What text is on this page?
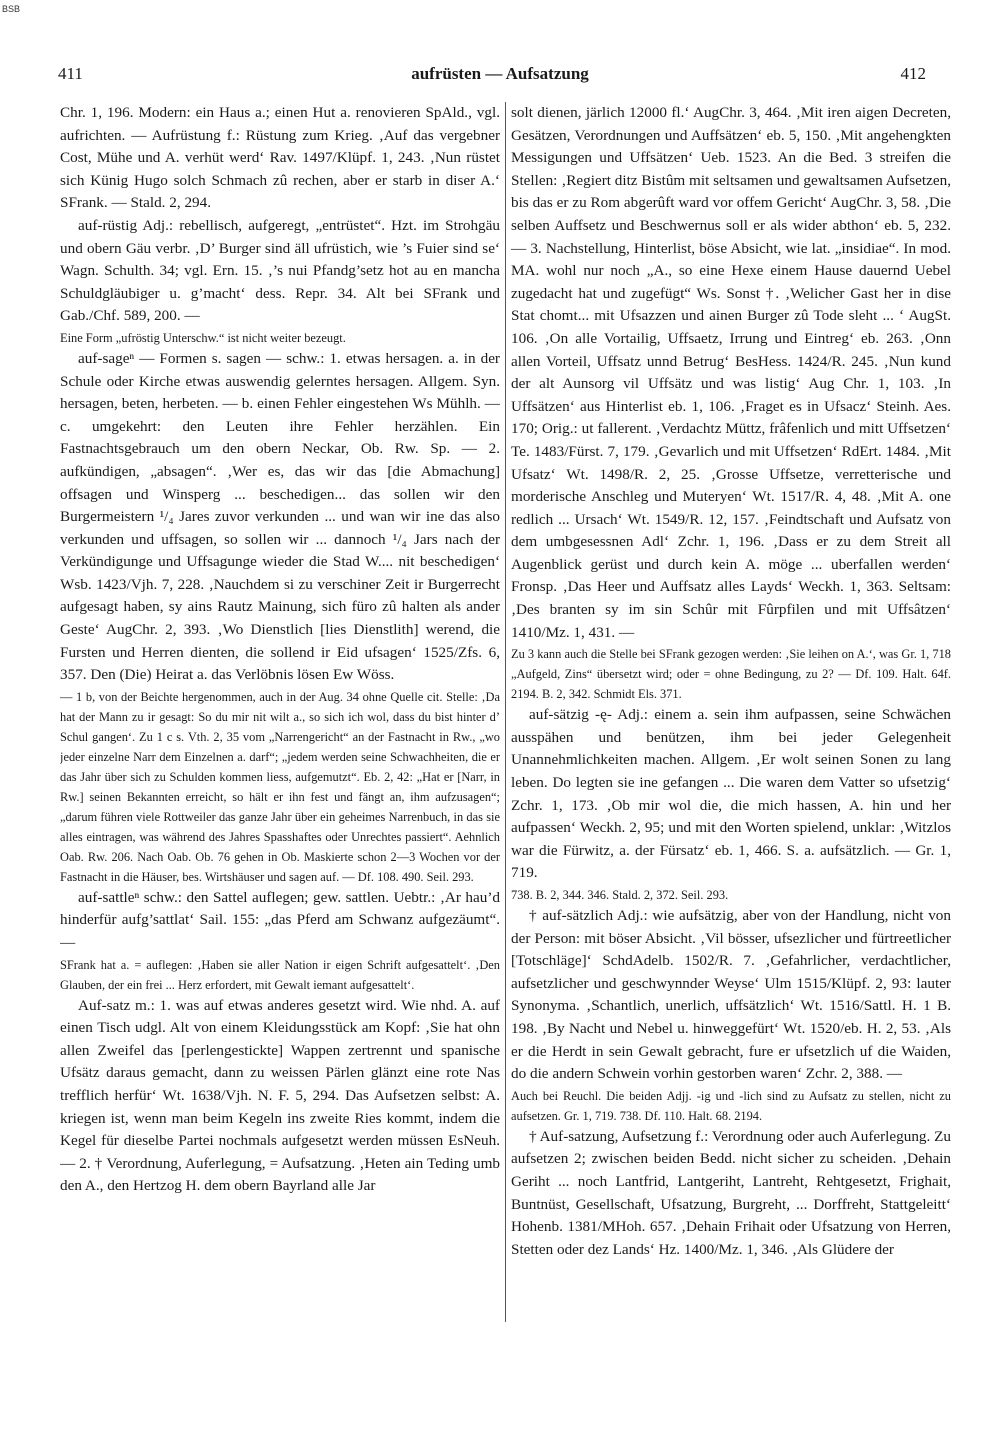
BSB
411	aufrüsten — Aufsatzung	412

Chr. 1, 196. Modern: ein Haus a.; einen Hut a. renovieren SpAld., vgl. aufrichten. — Aufrüstung f.: Rüstung zum Krieg. ‚Auf das vergebner Cost, Mühe und A. verhüt werd‘ Rav. 1497/Klüpf. 1, 243. ‚Nun rüstet sich Künig Hugo solch Schmach zû rechen, aber er starb in diser A.‘ SFrank. — Stald. 2, 294.

auf-rüstig Adj.: rebellisch, aufgeregt, „entrüstet“. Hzt. im Strohgäu und obern Gäu verbr. ‚D’ Burger sind äll ufrüstich, wie ’s Fuier sind se‘ Wagn. Schulth. 34; vgl. Ern. 15. ‚’s nui Pfandg’setz hot au en mancha Schuldgläubiger u. g’macht‘ dess. Repr. 34. Alt bei SFrank und Gab./Chf. 589, 200. —

Eine Form „ufröstig Unterschw.“ ist nicht weiter bezeugt.

auf-sageⁿ — Formen s. sagen — schw.: 1. etwas hersagen. a. in der Schule oder Kirche etwas auswendig gelerntes hersagen. Allgem. Syn. hersagen, beten, herbeten. — b. einen Fehler eingestehen Ws Mühlh. — c. umgekehrt: den Leuten ihre Fehler herzählen. Ein Fastnachtsgebrauch um den obern Neckar, Ob. Rw. Sp. — 2. aufkündigen, „absagen“. ‚Wer es, das wir das [die Abmachung] offsagen und Winsperg ... beschedigen... das sollen wir den Burgermeistern ¹/₄ Jares zuvor verkunden ... und wan wir ine das also verkunden und uffsagen, so sollen wir ... dannoch ¹/₄ Jars nach der Verkündigunge und Uffsagunge wieder die Stad W.... nit beschedigen‘ Wsb. 1423/Vjh. 7, 228. ‚Nauchdem si zu verschiner Zeit ir Burgerrecht aufgesagt haben, sy ains Rautz Mainung, sich füro zû halten als ander Geste‘ AugChr. 2, 393. ‚Wo Dienstlich [lies Dienstlith] werend, die Fursten und Herren dienten, die sollend ir Eid ufsagen‘ 1525/Zfs. 6, 357. Den (Die) Heirat a. das Verlöbnis lösen Ew Wöss.

— 1 b, von der Beichte hergenommen, auch in der Aug. 34 ohne Quelle cit. Stelle: ‚Da hat der Mann zu ir gesagt: So du mir nit wilt a., so sich ich wol, dass du bist hinter d’ Schul gangen‘. Zu 1 c s. Vth. 2, 35 vom „Narrengericht“ an der Fastnacht in Rw., „wo jeder einzelne Narr dem Einzelnen a. darf“; „jedem werden seine Schwachheiten, die er das Jahr über sich zu Schulden kommen liess, aufgemutzt“. Eb. 2, 42: „Hat er [Narr, in Rw.] seinen Bekannten erreicht, so hält er ihn fest und fängt an, ihm aufzusagen“; „darum führen viele Rottweiler das ganze Jahr über ein geheimes Narrenbuch, in das sie alles eintragen, was während des Jahres Spasshaftes oder Unrechtes passiert“. Aehnlich Oab. Rw. 206. Nach Oab. Ob. 76 gehen in Ob. Maskierte schon 2—3 Wochen vor der Fastnacht in die Häuser, bes. Wirtshäuser und sagen auf. — Df. 108. 490. Seil. 293.

auf-sattleⁿ schw.: den Sattel auflegen; gew. sattlen. Uebtr.: ‚Ar hau’d hinderfür aufg’sattlat‘ Sail. 155: „das Pferd am Schwanz aufgezäumt“. —

SFrank hat a. = auflegen: ‚Haben sie aller Nation ir eigen Schrift aufgesattelt‘. ‚Den Glauben, der ein frei ... Herz erfordert, mit Gewalt iemant aufgesattelt‘.

Auf-satz m.: 1. was auf etwas anderes gesetzt wird. Wie nhd. A. auf einen Tisch udgl. Alt von einem Kleidungsstück am Kopf: ‚Sie hat ohn allen Zweifel das [perlengestickte] Wappen zertrennt und spanische Ufsätz daraus gemacht, dann zu weissen Pärlen glänzt eine rote Nas trefflich herfür‘ Wt. 1638/Vjh. N. F. 5, 294. Das Aufsetzen selbst: A. kriegen ist, wenn man beim Kegeln ins zweite Ries kommt, indem die Kegel für dieselbe Partei nochmals aufgesetzt werden müssen EsNeuh. — 2. † Verordnung, Auferlegung, = Aufsatzung. ‚Heten ain Teding umb den A., den Hertzog H. dem obern Bayrland alle Jar

solt dienen, järlich 12000 fl.‘ AugChr. 3, 464. ‚Mit iren aigen Decreten, Gesätzen, Verordnungen und Auffsätzen‘ eb. 5, 150. ‚Mit angehengkten Messigungen und Uffsätzen‘ Ueb. 1523. An die Bed. 3 streifen die Stellen: ‚Regiert ditz Bistûm mit seltsamen und gewaltsamen Aufsetzen, bis das er zu Rom abgerûft ward vor offem Gericht‘ AugChr. 3, 58. ‚Die selben Auffsetz und Beschwernus soll er als wider abthon‘ eb. 5, 232. — 3. Nachstellung, Hinterlist, böse Absicht, wie lat. „insidiae“. In mod. MA. wohl nur noch „A., so eine Hexe einem Hause dauernd Uebel zugedacht hat und zugefügt“ Ws. Sonst †. ‚Welicher Gast her in dise Stat chomt... mit Ufsazzen und ainen Burger zû Tode sleht ... ‘ AugSt. 106. ‚On alle Vortailig, Uffsaetz, Irrung und Eintreg‘ eb. 263. ‚Onn allen Vorteil, Uffsatz unnd Betrug‘ BesHess. 1424/R. 245. ‚Nun kund der alt Aunsorg vil Uffsätz und was listig‘ Aug Chr. 1, 103. ‚In Uffsätzen‘ aus Hinterlist eb. 1, 106. ‚Fraget es in Ufsacz‘ Steinh. Aes. 170; Orig.: ut fallerent. ‚Verdachtz Müttz, frâfenlich und mitt Uffsetzen‘ Te. 1483/Fürst. 7, 179. ‚Gevarlich und mit Uffsetzen‘ RdErt. 1484. ‚Mit Ufsatz‘ Wt. 1498/R. 2, 25. ‚Grosse Uffsetze, verretterische und morderische Anschleg und Muteryen‘ Wt. 1517/R. 4, 48. ‚Mit A. one redlich ... Ursach‘ Wt. 1549/R. 12, 157. ‚Feindtschaft und Aufsatz von dem umbgesessnen Adl‘ Zchr. 1, 196. ‚Dass er zu dem Streit all Augenblick gerüst und durch kein A. möge ... uberfallen werden‘ Fronsp. ‚Das Heer und Auffsatz alles Layds‘ Weckh. 1, 363. Seltsam: ‚Des branten sy im sin Schûr mit Fûrpfilen und mit Uffsâtzen‘ 1410/Mz. 1, 431. —

Zu 3 kann auch die Stelle bei SFrank gezogen werden: ‚Sie leihen on A.‘, was Gr. 1, 718 „Aufgeld, Zins“ übersetzt wird; oder = ohne Bedingung, zu 2? — Df. 109. Halt. 64f. 2194. B. 2, 342. Schmidt Els. 371.

auf-sätzig -ę- Adj.: einem a. sein ihm aufpassen, seine Schwächen ausspähen und benützen, ihm bei jeder Gelegenheit Unannehmlichkeiten machen. Allgem. ‚Er wolt seinen Sonen zu lang leben. Do legten sie ine gefangen ... Die waren dem Vatter so ufsetzig‘ Zchr. 1, 173. ‚Ob mir wol die, die mich hassen, A. hin und her aufpassen‘ Weckh. 2, 95; und mit den Worten spielend, unklar: ‚Witzlos war die Fürwitz, a. der Fürsatz‘ eb. 1, 466. S. a. aufsätzlich. — Gr. 1, 719.

738. B. 2, 344. 346. Stald. 2, 372. Seil. 293.

† auf-sätzlich Adj.: wie aufsätzig, aber von der Handlung, nicht von der Person: mit böser Absicht. ‚Vil bösser, ufsezlicher und fürtreetlicher [Totschläge]‘ SchdAdelb. 1502/R. 7. ‚Gefahrlicher, verdachtlicher, aufsetzlicher und geschwynnder Weyse‘ Ulm 1515/Klüpf. 2, 93: lauter Synonyma. ‚Schantlich, unerlich, uffsätzlich‘ Wt. 1516/Sattl. H. 1 B. 198. ‚By Nacht und Nebel u. hinweggefürt‘ Wt. 1520/eb. H. 2, 53. ‚Als er die Herdt in sein Gewalt gebracht, fure er ufsetzlich uf die Waiden, do die andern Schwein vorhin gestorben waren‘ Zchr. 2, 388. —

Auch bei Reuchl. Die beiden Adjj. -ig und -lich sind zu Aufsatz zu stellen, nicht zu aufsetzen. Gr. 1, 719. 738. Df. 110. Halt. 68. 2194.

† Auf-satzung, Aufsetzung f.: Verordnung oder auch Auferlegung. Zu aufsetzen 2; zwischen beiden Bedd. nicht sicher zu scheiden. ‚Dehain Geriht ... noch Lantfrid, Lantgeriht, Lantreht, Rehtgesetzt, Frighait, Buntnüst, Gesellschaft, Ufsatzung, Burgreht, ... Dorffreht, Stattgeleitt‘ Hohenb. 1381/MHoh. 657. ‚Dehain Frihait oder Ufsatzung von Herren, Stetten oder dez Lands‘ Hz. 1400/Mz. 1, 346. ‚Als Glüdere der
